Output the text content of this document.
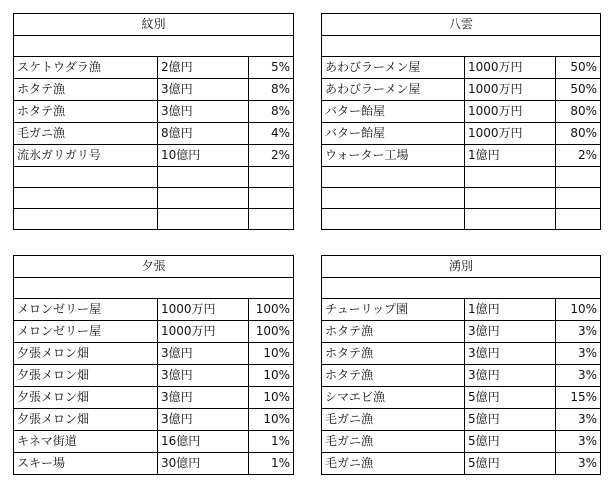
紋別		

スケトウダラ漁	2億円	5%
ホタテ漁	3億円	8%
ホタテ漁	3億円	8%
毛ガニ漁	8億円	4%
流氷ガリガリ号	10億円	2%

八雲		

あわびラーメン屋	1000万円	50%
あわびラーメン屋	1000万円	50%
バター飴屋	1000万円	80%
バター飴屋	1000万円	80%
ウォーター工場	1億円	2%

夕張		

メロンゼリー屋	1000万円	100%
メロンゼリー屋	1000万円	100%
夕張メロン畑	3億円	10%
夕張メロン畑	3億円	10%
夕張メロン畑	3億円	10%
夕張メロン畑	3億円	10%
キネマ街道	16億円	1%
スキー場	30億円	1%
湧別		

チューリップ園	1億円	10%
ホタテ漁	3億円	3%
ホタテ漁	3億円	3%
ホタテ漁	3億円	3%
シマエビ漁	5億円	15%
毛ガニ漁	5億円	3%
毛ガニ漁	5億円	3%
毛ガニ漁	5億円	3%
